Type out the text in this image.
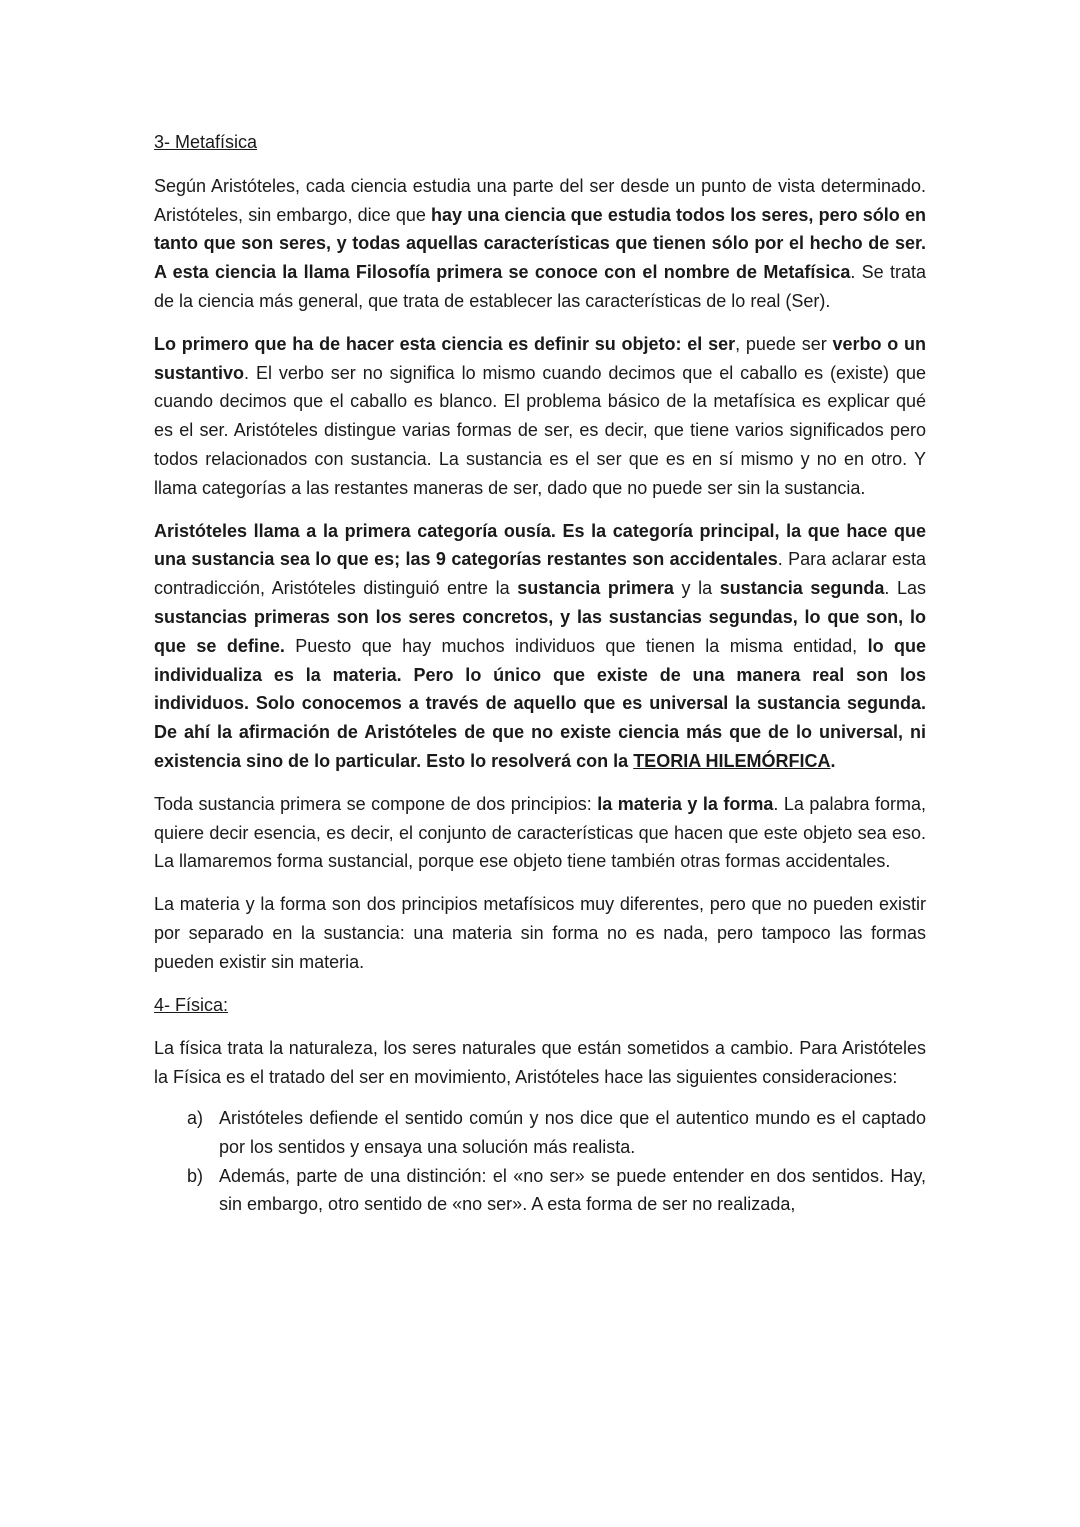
3- Metafísica

Según Aristóteles, cada ciencia estudia una parte del ser desde un punto de vista determinado. Aristóteles, sin embargo, dice que hay una ciencia que estudia todos los seres, pero sólo en tanto que son seres, y todas aquellas características que tienen sólo por el hecho de ser. A esta ciencia la llama Filosofía primera se conoce con el nombre de Metafísica. Se trata de la ciencia más general, que trata de establecer las características de lo real (Ser).

Lo primero que ha de hacer esta ciencia es definir su objeto: el ser, puede ser verbo o un sustantivo. El verbo ser no significa lo mismo cuando decimos que el caballo es (existe) que cuando decimos que el caballo es blanco. El problema básico de la metafísica es explicar qué es el ser. Aristóteles distingue varias formas de ser, es decir, que tiene varios significados pero todos relacionados con sustancia. La sustancia es el ser que es en sí mismo y no en otro. Y llama categorías a las restantes maneras de ser, dado que no puede ser sin la sustancia.

Aristóteles llama a la primera categoría ousía. Es la categoría principal, la que hace que una sustancia sea lo que es; las 9 categorías restantes son accidentales. Para aclarar esta contradicción, Aristóteles distinguió entre la sustancia primera y la sustancia segunda. Las sustancias primeras son los seres concretos, y las sustancias segundas, lo que son, lo que se define. Puesto que hay muchos individuos que tienen la misma entidad, lo que individualiza es la materia. Pero lo único que existe de una manera real son los individuos. Solo conocemos a través de aquello que es universal la sustancia segunda. De ahí la afirmación de Aristóteles de que no existe ciencia más que de lo universal, ni existencia sino de lo particular. Esto lo resolverá con la TEORIA HILEMÓRFICA.

Toda sustancia primera se compone de dos principios: la materia y la forma. La palabra forma, quiere decir esencia, es decir, el conjunto de características que hacen que este objeto sea eso. La llamaremos forma sustancial, porque ese objeto tiene también otras formas accidentales.

La materia y la forma son dos principios metafísicos muy diferentes, pero que no pueden existir por separado en la sustancia: una materia sin forma no es nada, pero tampoco las formas pueden existir sin materia.

4- Física:

La física trata la naturaleza, los seres naturales que están sometidos a cambio. Para Aristóteles la Física es el tratado del ser en movimiento, Aristóteles hace las siguientes consideraciones:

a) Aristóteles defiende el sentido común y nos dice que el autentico mundo es el captado por los sentidos y ensaya una solución más realista.
b) Además, parte de una distinción: el «no ser» se puede entender en dos sentidos. Hay, sin embargo, otro sentido de «no ser». A esta forma de ser no realizada,
